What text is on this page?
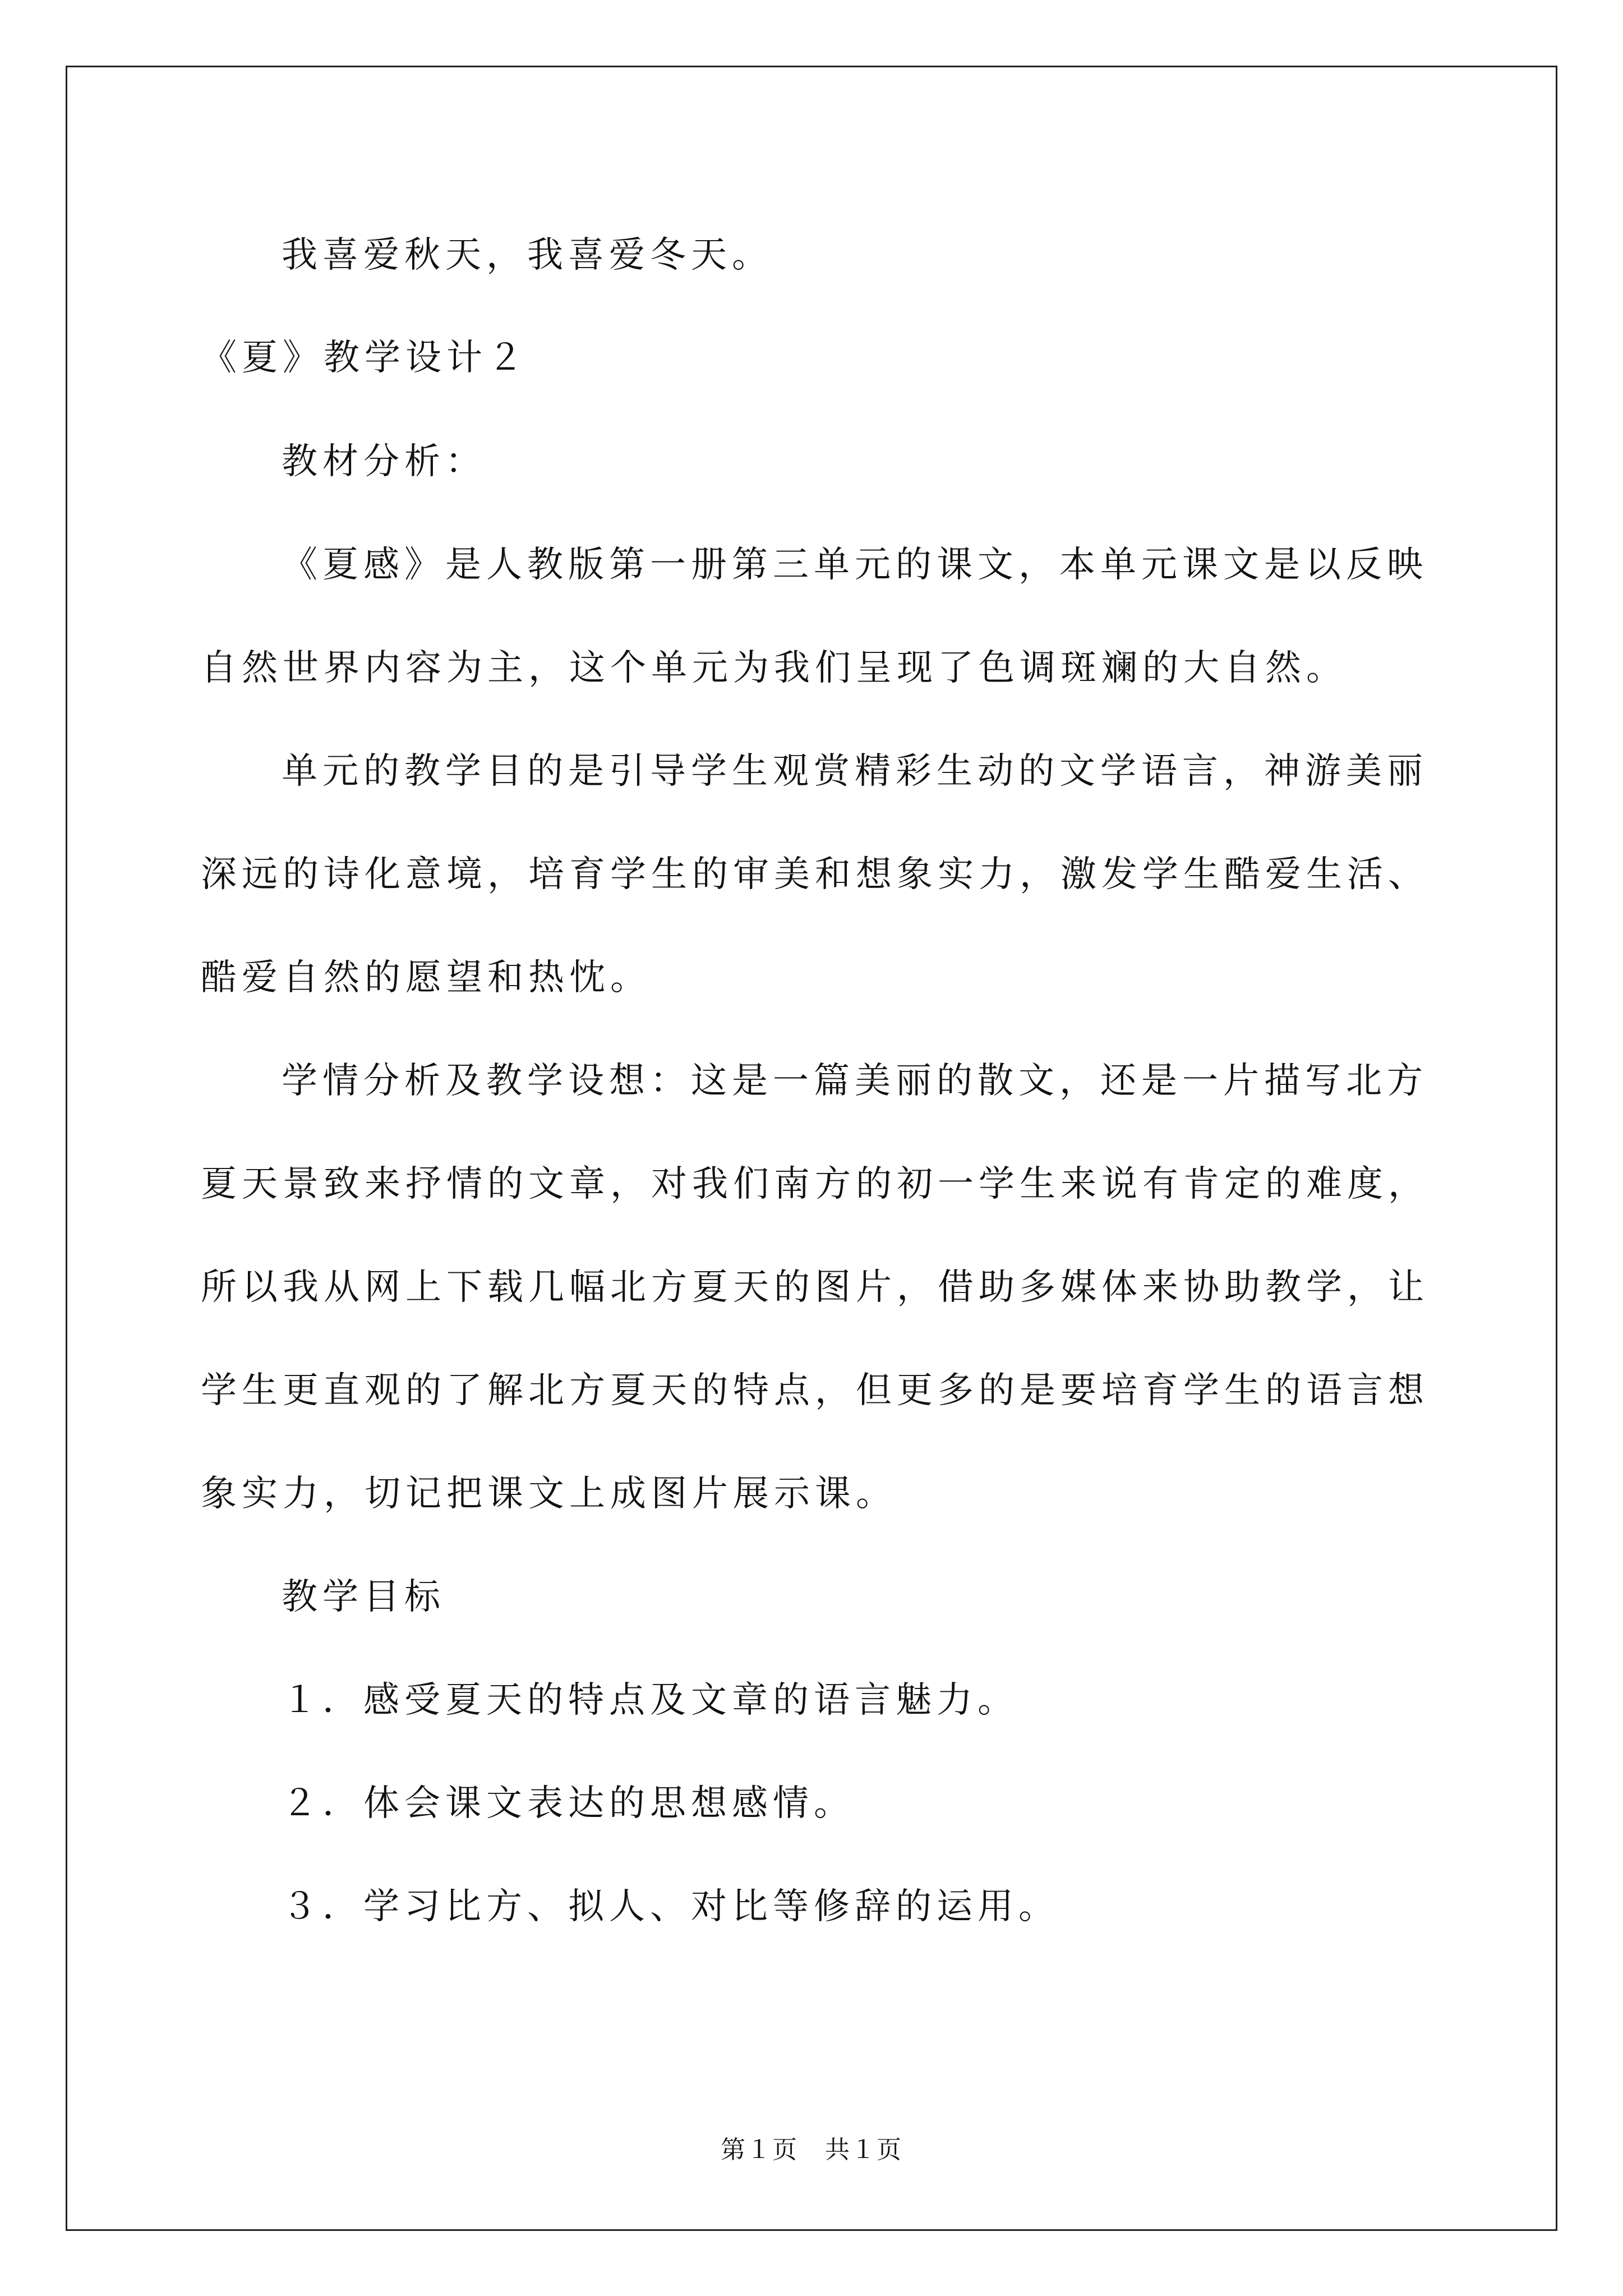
我喜爱秋天，我喜爱冬天。
《夏》教学设计２
教材分析：
《夏感》是人教版第一册第三单元的课文，本单元课文是以反映
自然世界内容为主，这个单元为我们呈现了色调斑斓的大自然。
单元的教学目的是引导学生观赏精彩生动的文学语言，神游美丽
深远的诗化意境，培育学生的审美和想象实力，激发学生酷爱生活、
酷爱自然的愿望和热忱。
学情分析及教学设想：这是一篇美丽的散文，还是一片描写北方
夏天景致来抒情的文章，对我们南方的初一学生来说有肯定的难度，
所以我从网上下载几幅北方夏天的图片，借助多媒体来协助教学，让
学生更直观的了解北方夏天的特点，但更多的是要培育学生的语言想
象实力，切记把课文上成图片展示课。
教学目标
１．感受夏天的特点及文章的语言魅力。
２．体会课文表达的思想感情。
３．学习比方、拟人、对比等修辞的运用。
第１页 共１页
